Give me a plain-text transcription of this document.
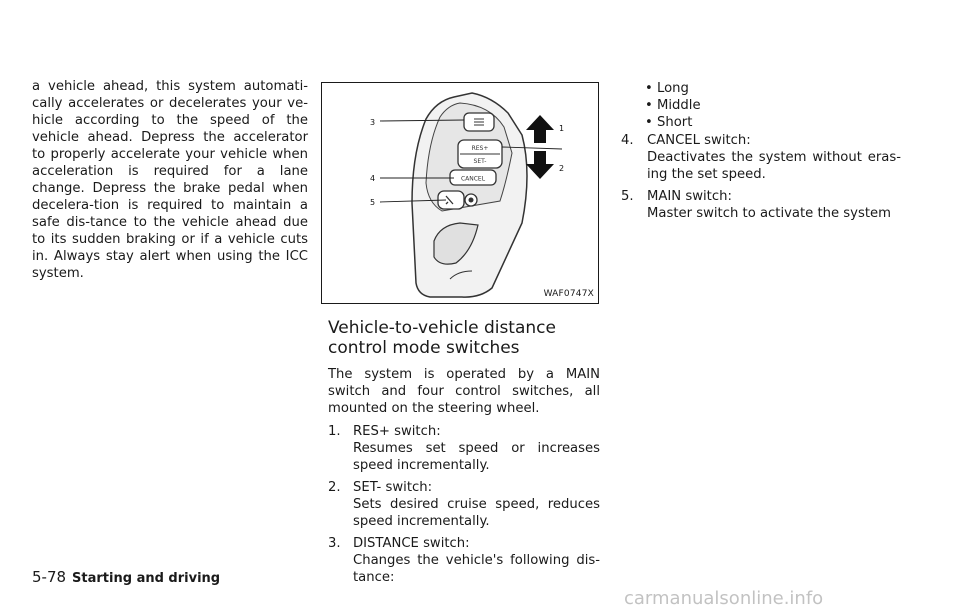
a vehicle ahead, this system automati-cally accelerates or decelerates your ve-hicle according to the speed of the vehicle ahead. Depress the accelerator to properly accelerate your vehicle when acceleration is required for a lane change. Depress the brake pedal when decelera-tion is required to maintain a safe dis-tance to the vehicle ahead due to its sudden braking or if a vehicle cuts in. Always stay alert when using the ICC system.

RES+
SET-
CANCEL
3
1
2
4
5
WAF0747X
Vehicle-to-vehicle distance control mode switches

The system is operated by a MAIN switch and four control switches, all mounted on the steering wheel.

1. RES+ switch:
Resumes set speed or increases speed incrementally.
2. SET- switch:
Sets desired cruise speed, reduces speed incrementally.
3. DISTANCE switch:
Changes the vehicle's following dis-tance:
• Long
• Middle
• Short
4.	CANCEL switch:
Deactivates the system without eras-ing the set speed.
5.	MAIN switch:
Master switch to activate the system
5-78 Starting and driving
carmanualsonline.info
